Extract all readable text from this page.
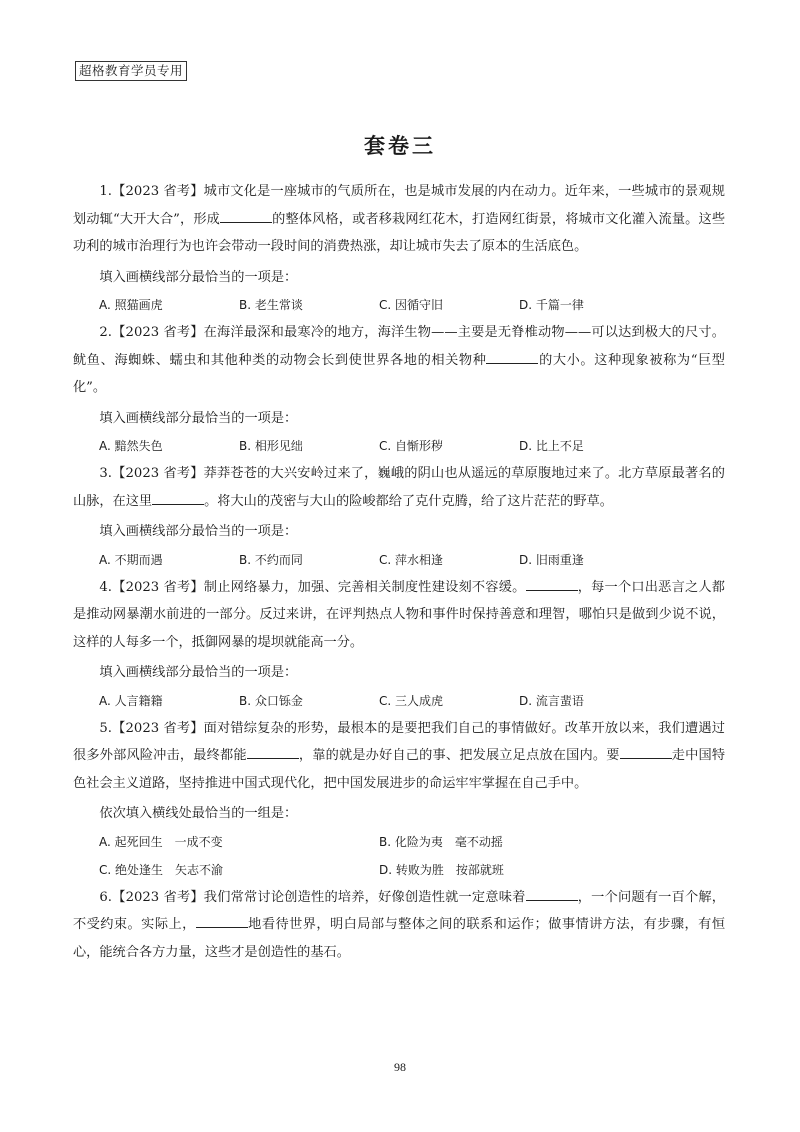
超格教育学员专用
套卷三

1.【2023 省考】城市文化是一座城市的气质所在，也是城市发展的内在动力。近年来，一些城市的景观规划动辄“大开大合”，形成	的整体风格，或者移栽网红花木，打造网红街景，将城市文化灌入流量。这些功利的城市治理行为也许会带动一段时间的消费热涨，却让城市失去了原本的生活底色。

填入画横线部分最恰当的一项是：

A. 照猫画虎	B. 老生常谈	C. 因循守旧	D. 千篇一律

2.【2023 省考】在海洋最深和最寒冷的地方，海洋生物——主要是无脊椎动物——可以达到极大的尺寸。鱿鱼、海蜘蛛、蠕虫和其他种类的动物会长到使世界各地的相关物种	的大小。这种现象被称为“巨型化”。

填入画横线部分最恰当的一项是：

A. 黯然失色	B. 相形见绌	C. 自惭形秽	D. 比上不足

3.【2023 省考】莽莽苍苍的大兴安岭过来了，巍峨的阴山也从遥远的草原腹地过来了。北方草原最著名的山脉，在这里	。将大山的茂密与大山的险峻都给了克什克腾，给了这片茫茫的野草。

填入画横线部分最恰当的一项是：

A. 不期而遇	B. 不约而同	C. 萍水相逢	D. 旧雨重逢

4.【2023 省考】制止网络暴力，加强、完善相关制度性建设刻不容缓。	，每一个口出恶言之人都是推动网暴潮水前进的一部分。反过来讲，在评判热点人物和事件时保持善意和理智，哪怕只是做到少说不说，这样的人每多一个，抵御网暴的堤坝就能高一分。

填入画横线部分最恰当的一项是：

A. 人言籍籍	B. 众口铄金	C. 三人成虎	D. 流言蜚语

5.【2023 省考】面对错综复杂的形势，最根本的是要把我们自己的事情做好。改革开放以来，我们遭遇过很多外部风险冲击，最终都能	，靠的就是办好自己的事、把发展立足点放在国内。要	走中国特色社会主义道路，坚持推进中国式现代化，把中国发展进步的命运牢牢掌握在自己手中。

依次填入横线处最恰当的一组是：

A. 起死回生　一成不变	B. 化险为夷　毫不动摇
C. 绝处逢生　矢志不渝	D. 转败为胜　按部就班

6.【2023 省考】我们常常讨论创造性的培养，好像创造性就一定意味着	，一个问题有一百个解，不受约束。实际上，	地看待世界，明白局部与整体之间的联系和运作；做事情讲方法，有步骤，有恒心，能统合各方力量，这些才是创造性的基石。

98
